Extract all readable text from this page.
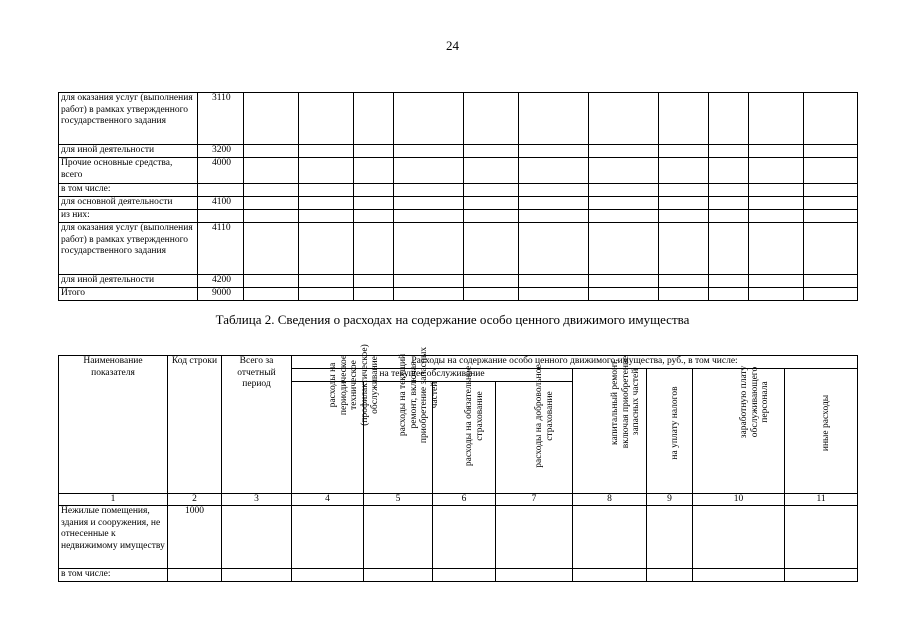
24
для оказания услуг (выполнения работ) в рамках утвержденного государственного задания	3110											
для иной деятельности	3200											
Прочие основные средства, всего	4000											
в том числе:												
для основной деятельности	4100											
из них:												
для оказания услуг (выполнения работ) в рамках утвержденного государственного задания	4110											
для иной деятельности	4200											
Итого	9000											
Таблица 2. Сведения о расходах на содержание особо ценного движимого имущества
Наименование показателя	Код строки	Всего за отчетный период	Расходы на содержание особо ценного движимого имущества, руб., в том числе:							
			на текущее обслуживание				капитальный ремонт, включая приобретение запасных частей	на уплату налогов	заработную плату обслуживающего персонала	иные расходы

			расходы на периодическое техническое (профилактическое) обслуживание	расходы на текущий ремонт, включая приобретение запасных частей	расходы на обязательное страхование	расходы на добровольное страхование				

1	2	3	4	5	6	7	8	9	10	11
Нежилые помещения, здания и сооружения, не отнесенные к недвижимому имуществу	1000									
в том числе:										
